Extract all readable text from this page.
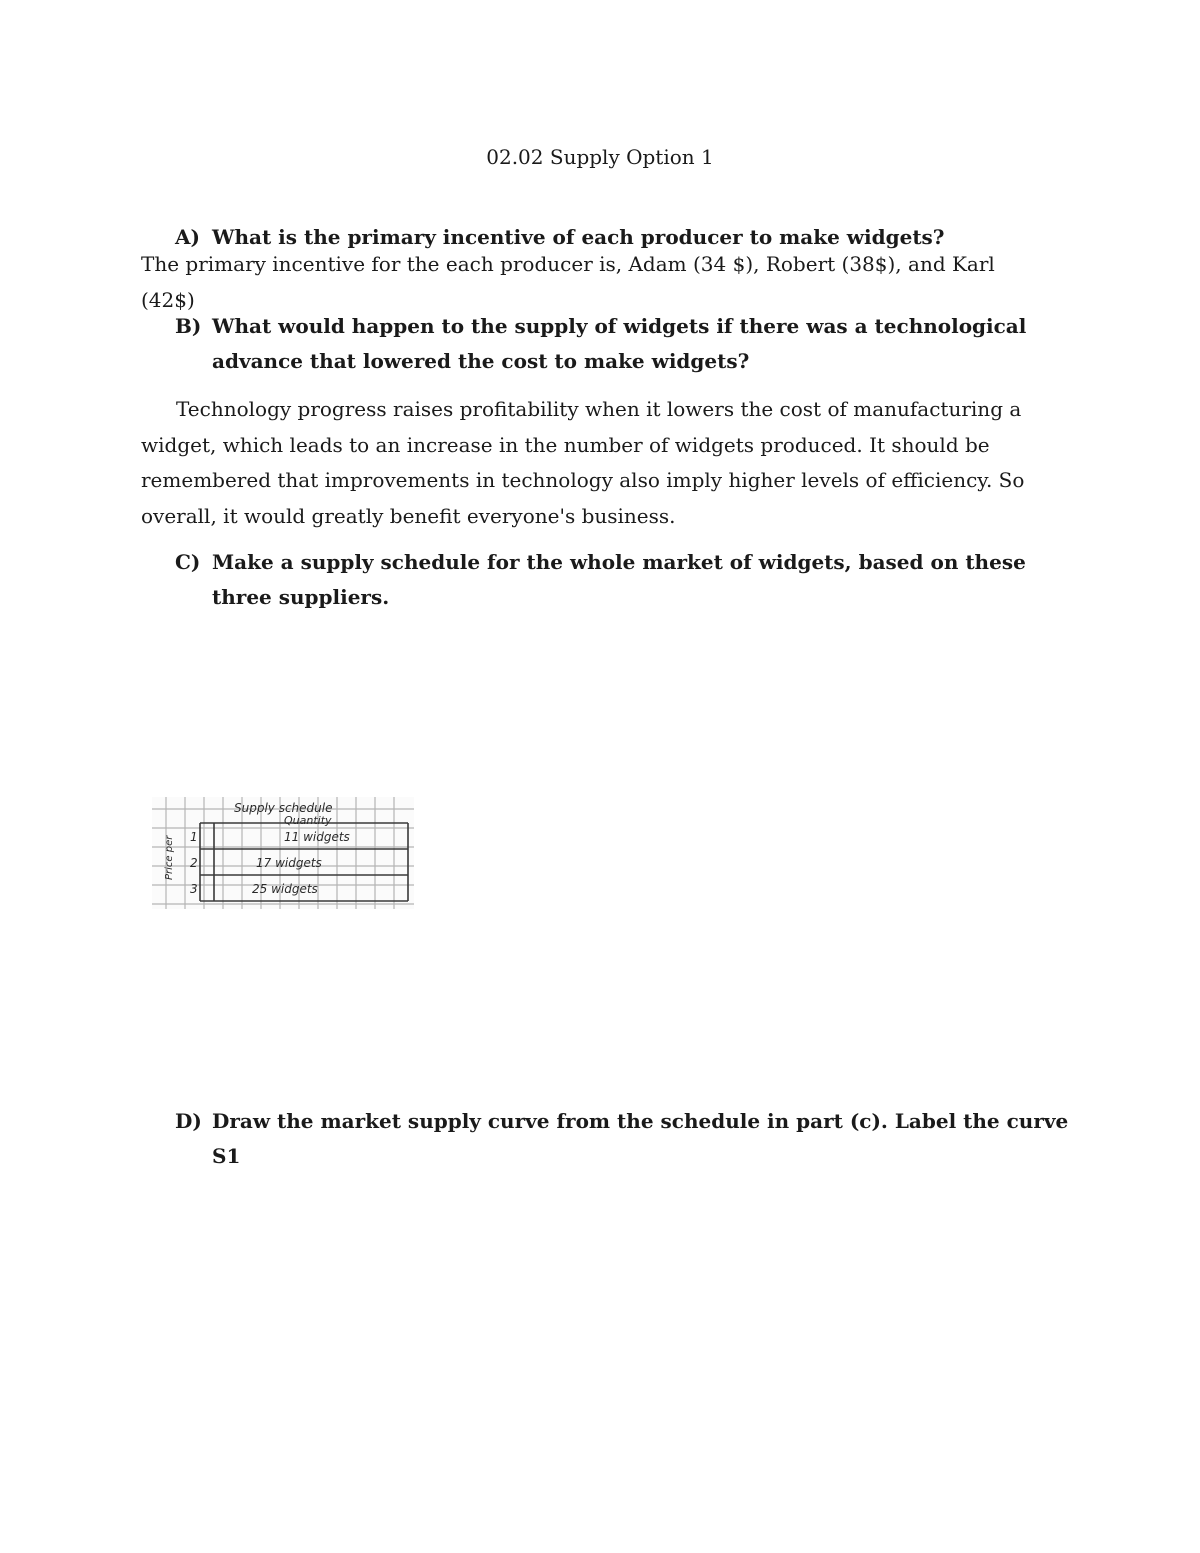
02.02 Supply Option 1
A) What is the primary incentive of each producer to make widgets?
The primary incentive for the each producer is, Adam (34 $), Robert (38$), and Karl (42$)
B) What would happen to the supply of widgets if there was a technological advance that lowered the cost to make widgets?
Technology progress raises profitability when it lowers the cost of manufacturing a widget, which leads to an increase in the number of widgets produced. It should be remembered that improvements in technology also imply higher levels of efficiency. So overall, it would greatly benefit everyone's business.
C) Make a supply schedule for the whole market of widgets, based on these three suppliers.
Supply schedule
Quantity
Price per 1
2
3
11 widgets
17 widgets
25 widgets
D) Draw the market supply curve from the schedule in part (c). Label the curve S1
